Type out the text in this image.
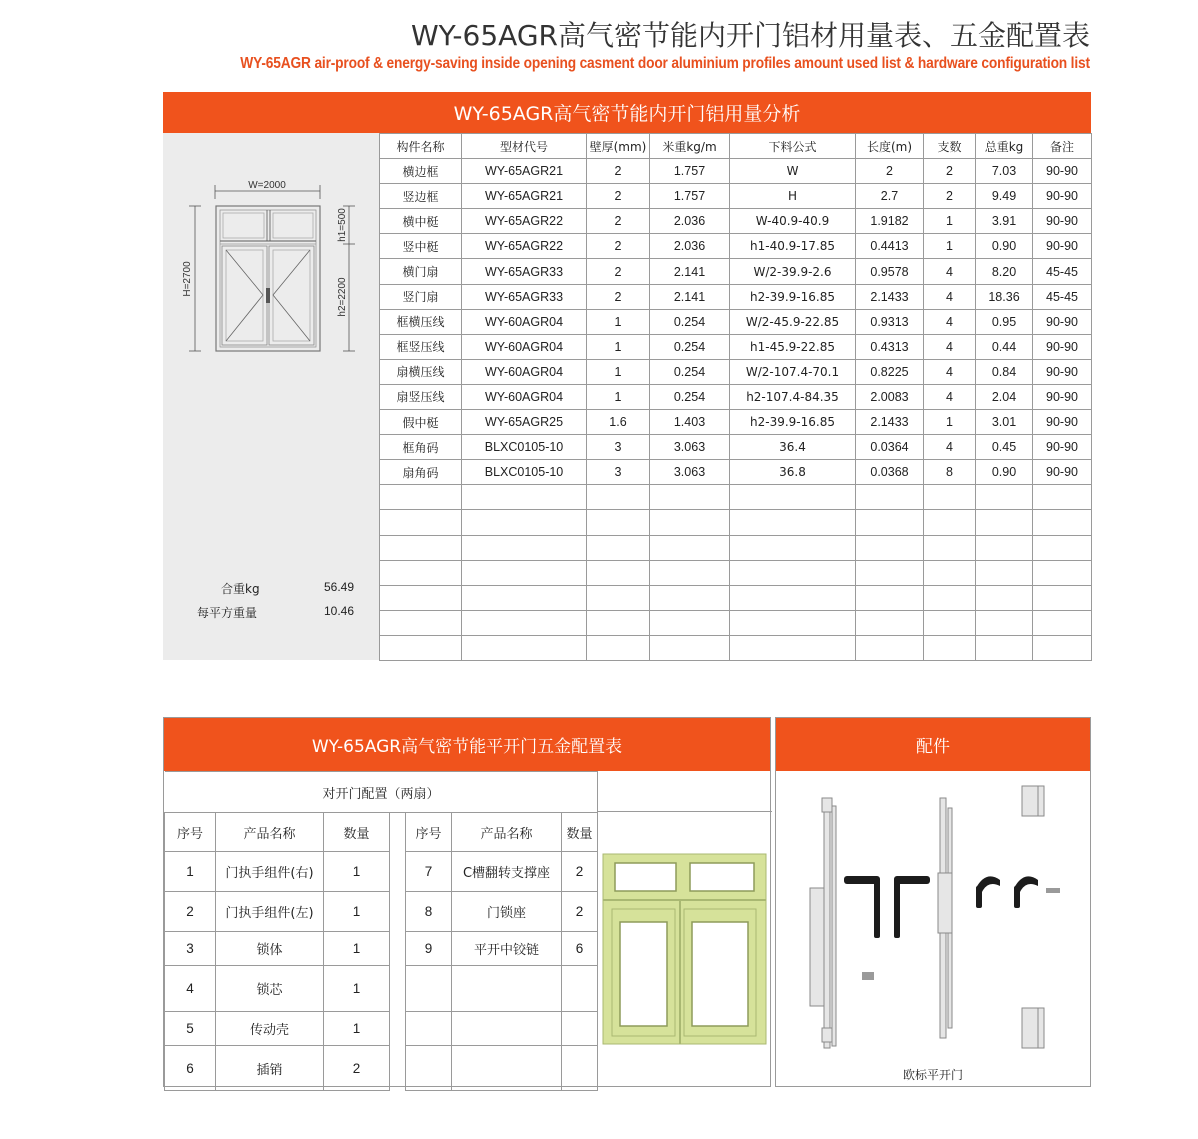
WY-65AGR高气密节能内开门铝材用量表、五金配置表
WY-65AGR air-proof & energy-saving inside opening casment door aluminium profiles amount used list & hardware configuration list
WY-65AGR高气密节能内开门铝用量分析
W=2000
H=2700
h1=500
h2=2200
合重kg	56.49
每平方重量	10.46
构件名称	型材代号	壁厚(mm)	米重kg/m	下料公式	长度(m)	支数	总重kg	备注
横边框	WY-65AGR21	2	1.757	W	2	2	7.03	90-90
竖边框	WY-65AGR21	2	1.757	H	2.7	2	9.49	90-90
横中梃	WY-65AGR22	2	2.036	W-40.9-40.9	1.9182	1	3.91	90-90
竖中梃	WY-65AGR22	2	2.036	h1-40.9-17.85	0.4413	1	0.90	90-90
横门扇	WY-65AGR33	2	2.141	W/2-39.9-2.6	0.9578	4	8.20	45-45
竖门扇	WY-65AGR33	2	2.141	h2-39.9-16.85	2.1433	4	18.36	45-45
框横压线	WY-60AGR04	1	0.254	W/2-45.9-22.85	0.9313	4	0.95	90-90
框竖压线	WY-60AGR04	1	0.254	h1-45.9-22.85	0.4313	4	0.44	90-90
扇横压线	WY-60AGR04	1	0.254	W/2-107.4-70.1	0.8225	4	0.84	90-90
扇竖压线	WY-60AGR04	1	0.254	h2-107.4-84.35	2.0083	4	2.04	90-90
假中梃	WY-65AGR25	1.6	1.403	h2-39.9-16.85	2.1433	1	3.01	90-90
框角码	BLXC0105-10	3	3.063	36.4	0.0364	4	0.45	90-90
扇角码	BLXC0105-10	3	3.063	36.8	0.0368	8	0.90	90-90

WY-65AGR高气密节能平开门五金配置表
对开门配置（两扇）						
序号	产品名称	数量		序号	产品名称	数量
1	门执手组件(右)	1		7	C槽翻转支撑座	2
2	门执手组件(左)	1		8	门锁座	2
3	锁体	1		9	平开中铰链	6
4	锁芯	1				
5	传动壳	1				
6	插销	2				
配件
欧标平开门
